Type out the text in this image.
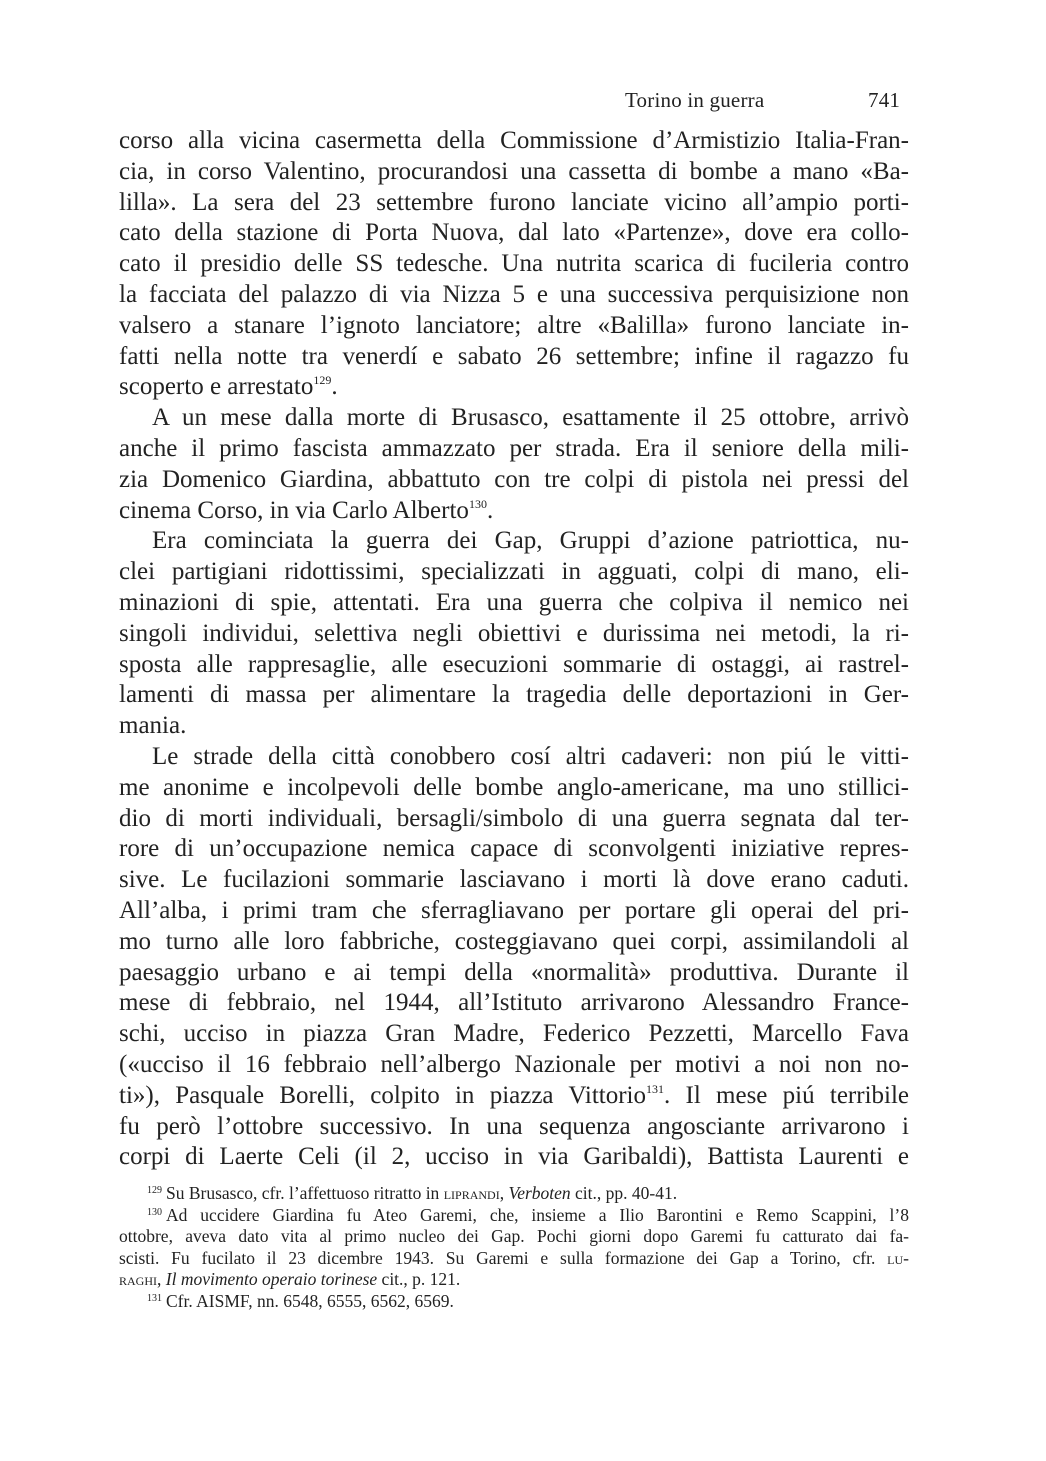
Torino in guerra	741
corso alla vicina casermetta della Commissione d’Armistizio Italia-Fran-
cia, in corso Valentino, procurandosi una cassetta di bombe a mano «Ba-
lilla». La sera del 23 settembre furono lanciate vicino all’ampio porti-
cato della stazione di Porta Nuova, dal lato «Partenze», dove era collo-
cato il presidio delle SS tedesche. Una nutrita scarica di fucileria contro
la facciata del palazzo di via Nizza 5 e una successiva perquisizione non
valsero a stanare l’ignoto lanciatore; altre «Balilla» furono lanciate in-
fatti nella notte tra venerdí e sabato 26 settembre; infine il ragazzo fu
scoperto e arrestato$^{129}$.
A un mese dalla morte di Brusasco, esattamente il 25 ottobre, arrivò
anche il primo fascista ammazzato per strada. Era il seniore della mili-
zia Domenico Giardina, abbattuto con tre colpi di pistola nei pressi del
cinema Corso, in via Carlo Alberto$^{130}$.
Era cominciata la guerra dei Gap, Gruppi d’azione patriottica, nu-
clei partigiani ridottissimi, specializzati in agguati, colpi di mano, eli-
minazioni di spie, attentati. Era una guerra che colpiva il nemico nei
singoli individui, selettiva negli obiettivi e durissima nei metodi, la ri-
sposta alle rappresaglie, alle esecuzioni sommarie di ostaggi, ai rastrel-
lamenti di massa per alimentare la tragedia delle deportazioni in Ger-
mania.
Le strade della città conobbero cosí altri cadaveri: non piú le vitti-
me anonime e incolpevoli delle bombe anglo-americane, ma uno stillici-
dio di morti individuali, bersagli/simbolo di una guerra segnata dal ter-
rore di un’occupazione nemica capace di sconvolgenti iniziative repres-
sive. Le fucilazioni sommarie lasciavano i morti là dove erano caduti.
All’alba, i primi tram che sferragliavano per portare gli operai del pri-
mo turno alle loro fabbriche, costeggiavano quei corpi, assimilandoli al
paesaggio urbano e ai tempi della «normalità» produttiva. Durante il
mese di febbraio, nel 1944, all’Istituto arrivarono Alessandro France-
schi, ucciso in piazza Gran Madre, Federico Pezzetti, Marcello Fava
(«ucciso il 16 febbraio nell’albergo Nazionale per motivi a noi non no-
ti»), Pasquale Borelli, colpito in piazza Vittorio$^{131}$. Il mese piú terribile
fu però l’ottobre successivo. In una sequenza angosciante arrivarono i
corpi di Laerte Celi (il 2, ucciso in via Garibaldi), Battista Laurenti e
$^{129}$ Su Brusasco, cfr. l’affettuoso ritratto in liprandi, Verboten cit., pp. 40-41.
$^{130}$ Ad uccidere Giardina fu Ateo Garemi, che, insieme a Ilio Barontini e Remo Scappini, l’8
ottobre, aveva dato vita al primo nucleo dei Gap. Pochi giorni dopo Garemi fu catturato dai fa-
scisti. Fu fucilato il 23 dicembre 1943. Su Garemi e sulla formazione dei Gap a Torino, cfr. lu-
raghi, Il movimento operaio torinese cit., p. 121.
$^{131}$ Cfr. AISMF, nn. 6548, 6555, 6562, 6569.
